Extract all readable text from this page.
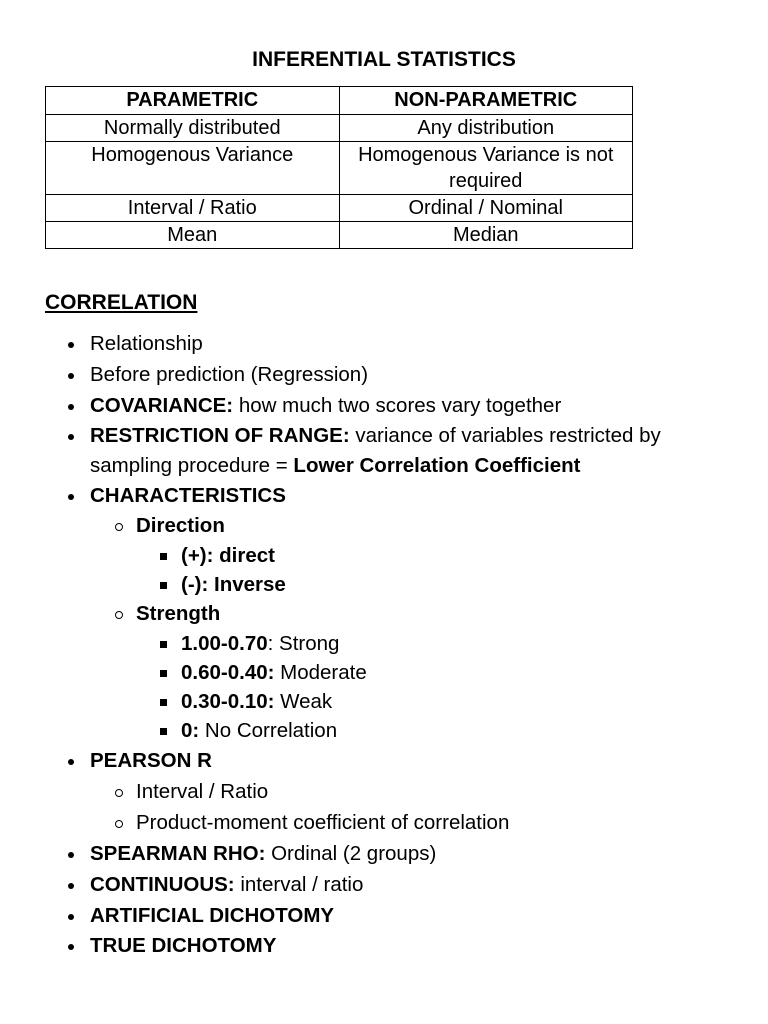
INFERENTIAL STATISTICS
PARAMETRIC	NON-PARAMETRIC
Normally distributed	Any distribution
Homogenous Variance	Homogenous Variance is not required
Interval / Ratio	Ordinal / Nominal
Mean	Median
CORRELATION
Relationship
Before prediction (Regression)
COVARIANCE: how much two scores vary together
RESTRICTION OF RANGE: variance of variables restricted by
sampling procedure = Lower Correlation Coefficient
CHARACTERISTICS
Direction
(+): direct
(-): Inverse
Strength
1.00-0.70: Strong
0.60-0.40: Moderate
0.30-0.10: Weak
0: No Correlation
PEARSON R
Interval / Ratio
Product-moment coefficient of correlation
SPEARMAN RHO: Ordinal (2 groups)
CONTINUOUS: interval / ratio
ARTIFICIAL DICHOTOMY
TRUE DICHOTOMY
